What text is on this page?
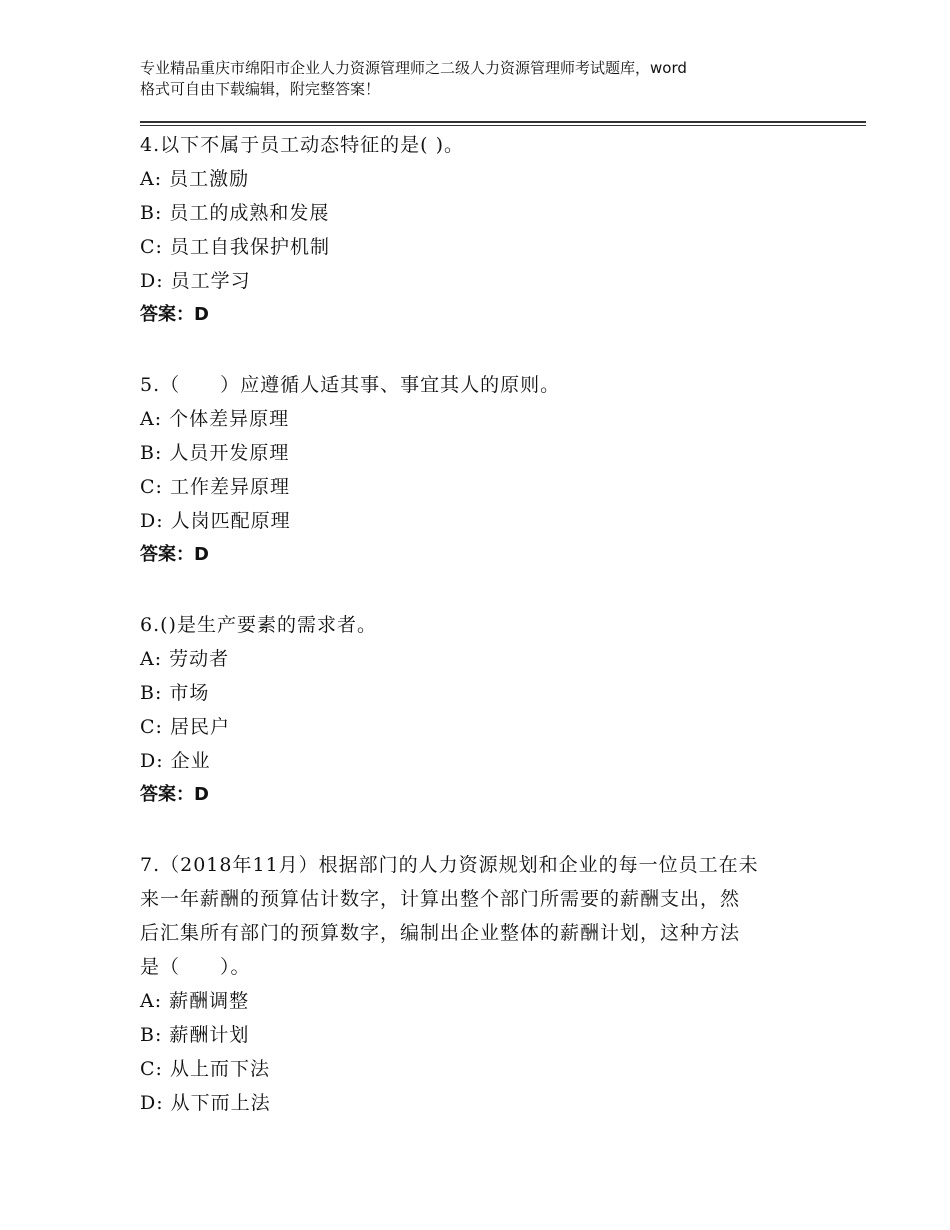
专业精品重庆市绵阳市企业人力资源管理师之二级人力资源管理师考试题库，word
格式可自由下载编辑，附完整答案！
4.以下不属于员工动态特征的是( )。
A: 员工激励
B: 员工的成熟和发展
C: 员工自我保护机制
D: 员工学习
答案：D
5.（　　）应遵循人适其事、事宜其人的原则。
A: 个体差异原理
B: 人员开发原理
C: 工作差异原理
D: 人岗匹配原理
答案：D
6.()是生产要素的需求者。
A: 劳动者
B: 市场
C: 居民户
D: 企业
答案：D
7.（2018年11月）根据部门的人力资源规划和企业的每一位员工在未
来一年薪酬的预算估计数字，计算出整个部门所需要的薪酬支出，然
后汇集所有部门的预算数字，编制出企业整体的薪酬计划，这种方法
是（　　）。
A: 薪酬调整
B: 薪酬计划
C: 从上而下法
D: 从下而上法
